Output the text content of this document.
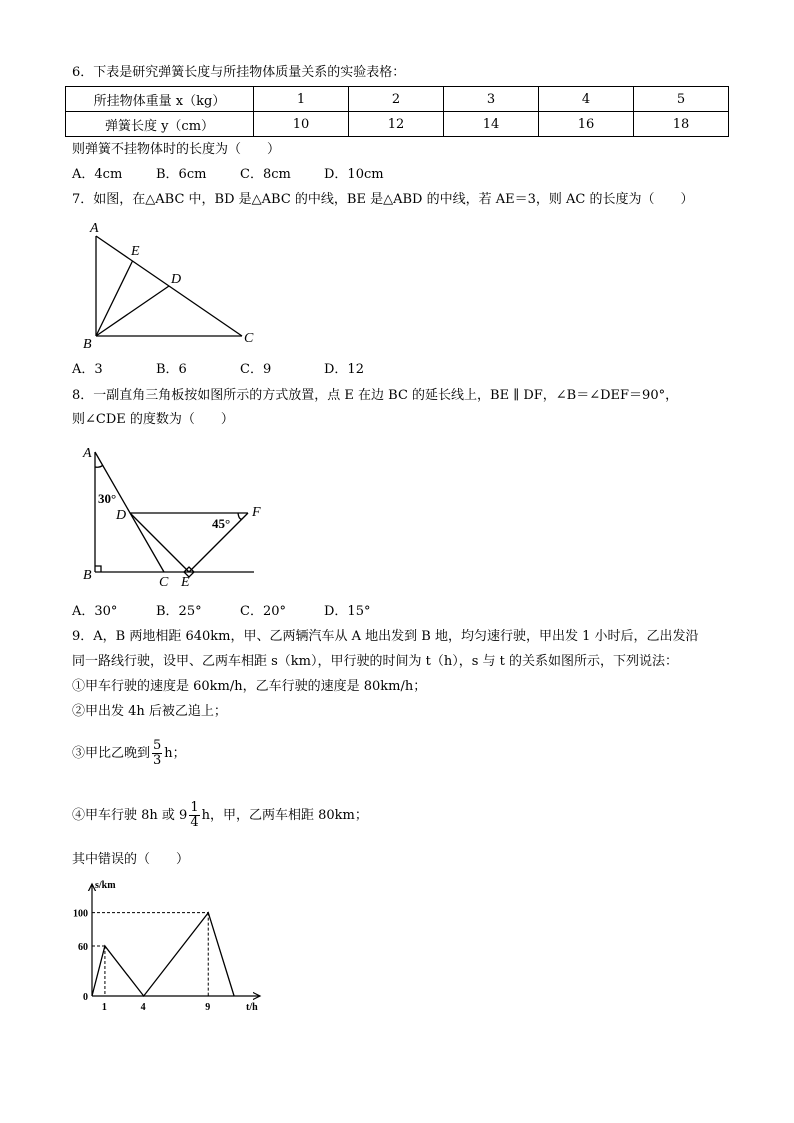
6．下表是研究弹簧长度与所挂物体质量关系的实验表格：
所挂物体重量 x（kg）	1	2	3	4	5
弹簧长度 y（cm）	10	12	14	16	18
则弹簧不挂物体时的长度为（　　）
A．4cm	B．6cm	C．8cm	D．10cm
7．如图，在△ABC 中，BD 是△ABC 的中线，BE 是△ABD 的中线，若 AE＝3，则 AC 的长度为（　　）
A
E
D
B	C
A．3	B．6	C．9	D．12
8．一副直角三角板按如图所示的方式放置，点 E 在边 BC 的延长线上，BE ∥ DF，∠B＝∠DEF＝90°，
则∠CDE 的度数为（　　）
A
D	F
B	C E
30°
45°
A．30°	B．25°	C．20°	D．15°
9．A，B 两地相距 640km，甲、乙两辆汽车从 A 地出发到 B 地，均匀速行驶，甲出发 1 小时后，乙出发沿
同一路线行驶，设甲、乙两车相距 s（km），甲行驶的时间为 t（h），s 与 t 的关系如图所示，下列说法：
①甲车行驶的速度是 60km/h，乙车行驶的速度是 80km/h；
②甲出发 4h 后被乙追上；
③甲比乙晚到 $\frac{5}{3}$ h；
④甲车行驶 8h 或 $9 \frac{1}{4}$ h，甲，乙两车相距 80km；
其中错误的（　　）
s/km
t/h
1	4	9
0
60
100
